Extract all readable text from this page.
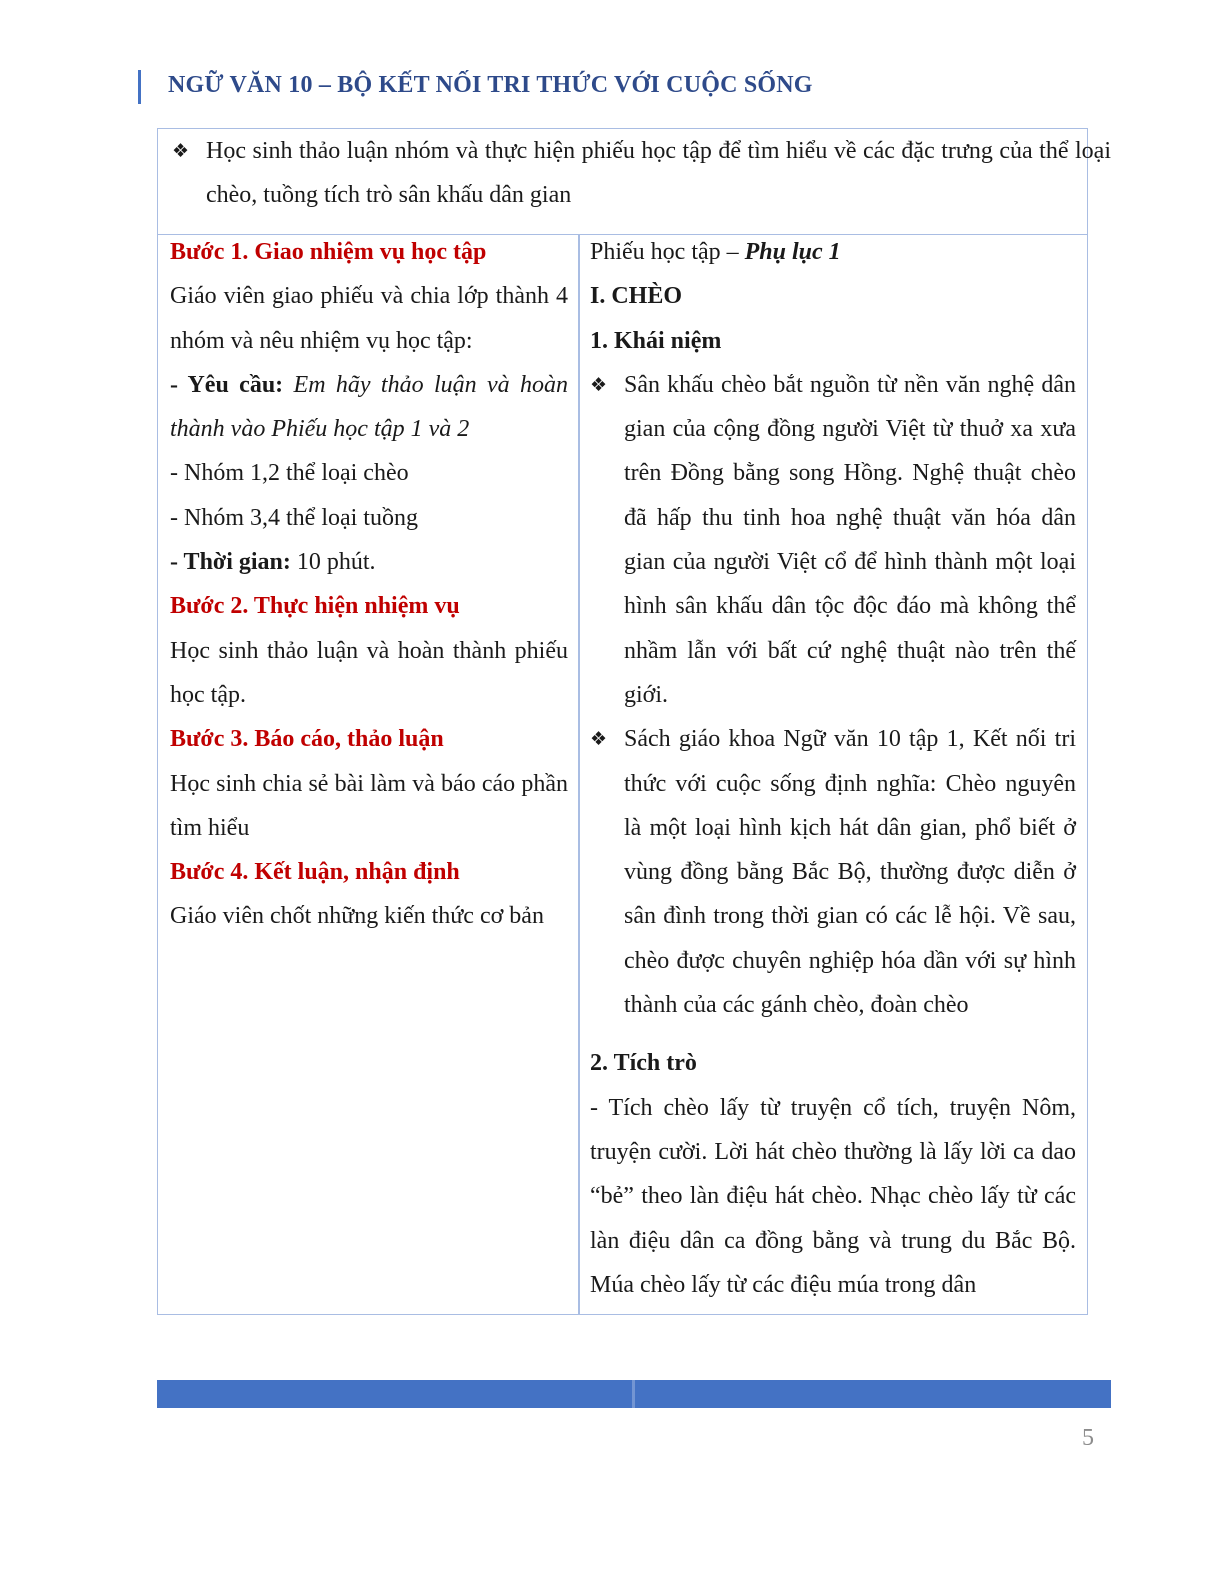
NGỮ VĂN 10 – BỘ KẾT NỐI TRI THỨC VỚI CUỘC SỐNG
❖ Học sinh thảo luận nhóm và thực hiện phiếu học tập để tìm hiểu về các đặc trưng của thể loại chèo, tuồng tích trò sân khấu dân gian
Bước 1. Giao nhiệm vụ học tập
Giáo viên giao phiếu và chia lớp thành 4 nhóm và nêu nhiệm vụ học tập:
- Yêu cầu: Em hãy thảo luận và hoàn thành vào Phiếu học tập 1 và 2
- Nhóm 1,2 thể loại chèo
- Nhóm 3,4 thể loại tuồng
- Thời gian: 10 phút.
Bước 2. Thực hiện nhiệm vụ
Học sinh thảo luận và hoàn thành phiếu học tập.
Bước 3. Báo cáo, thảo luận
Học sinh chia sẻ bài làm và báo cáo phần tìm hiểu
Bước 4. Kết luận, nhận định
Giáo viên chốt những kiến thức cơ bản
Phiếu học tập – Phụ lục 1
I. CHÈO
1. Khái niệm
❖ Sân khấu chèo bắt nguồn từ nền văn nghệ dân gian của cộng đồng người Việt từ thuở xa xưa trên Đồng bằng song Hồng. Nghệ thuật chèo đã hấp thu tinh hoa nghệ thuật văn hóa dân gian của người Việt cổ để hình thành một loại hình sân khấu dân tộc độc đáo mà không thể nhầm lẫn với bất cứ nghệ thuật nào trên thế giới.
❖ Sách giáo khoa Ngữ văn 10 tập 1, Kết nối tri thức với cuộc sống định nghĩa: Chèo nguyên là một loại hình kịch hát dân gian, phổ biết ở vùng đồng bằng Bắc Bộ, thường được diễn ở sân đình trong thời gian có các lễ hội. Về sau, chèo được chuyên nghiệp hóa dần với sự hình thành của các gánh chèo, đoàn chèo
2. Tích trò
- Tích chèo lấy từ truyện cổ tích, truyện Nôm, truyện cười. Lời hát chèo thường là lấy lời ca dao “bẻ” theo làn điệu hát chèo. Nhạc chèo lấy từ các làn điệu dân ca đồng bằng và trung du Bắc Bộ. Múa chèo lấy từ các điệu múa trong dân
5
